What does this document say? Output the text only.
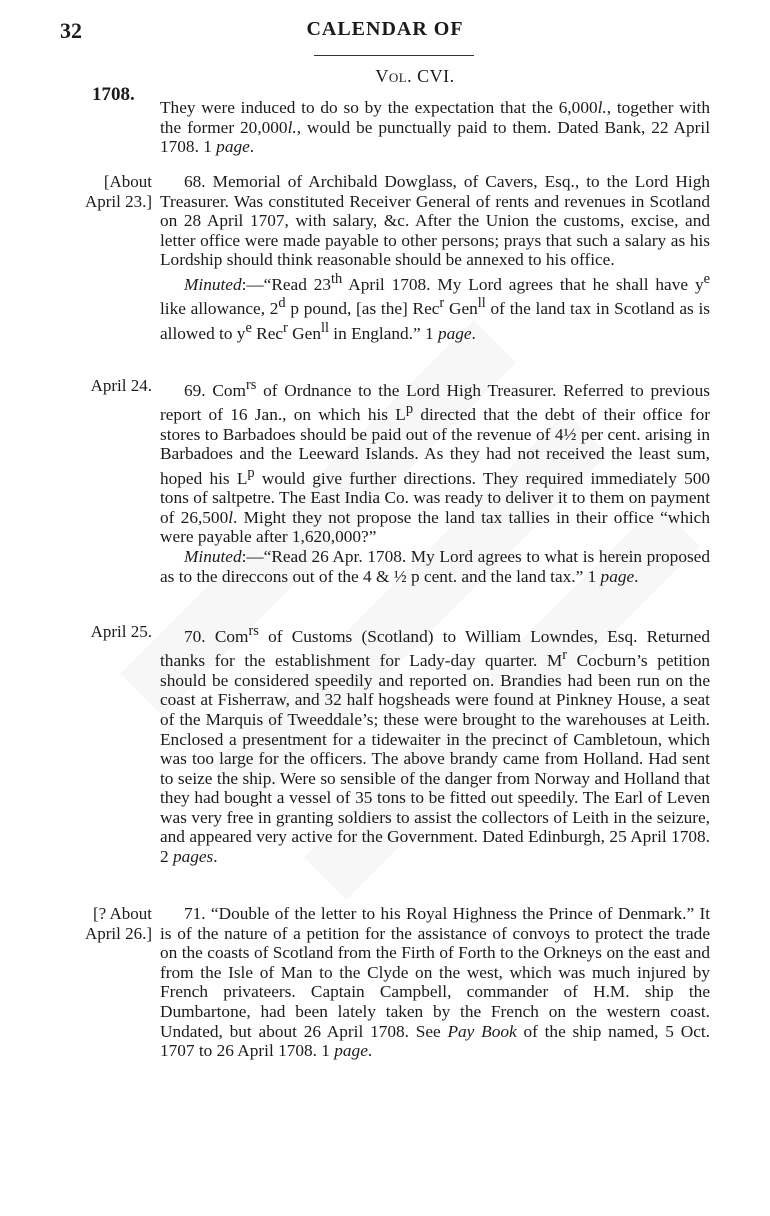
32	CALENDAR OF
Vol. CVI.
1708.

They were induced to do so by the expectation that the 6,000l., together with the former 20,000l., would be punctually paid to them. Dated Bank, 22 April 1708. 1 page.

[About
April 23.]

68. Memorial of Archibald Dowglass, of Cavers, Esq., to the Lord High Treasurer. Was constituted Receiver General of rents and revenues in Scotland on 28 April 1707, with salary, &c. After the Union the customs, excise, and letter office were made payable to other persons; prays that such a salary as his Lordship should think reasonable should be annexed to his office.

Minuted:—“Read 23th April 1708. My Lord agrees that he shall have $y^e$ like allowance, 2$^d$ p pound, [as the] Rec$^r$ Gen$^{ll}$ of the land tax in Scotland as is allowed to $y^e$ Rec$^r$ Gen$^{ll}$ in England.” 1 page.

April 24.	69. Com$^{rs}$ of Ordnance to the Lord High Treasurer. Referred to previous report of 16 Jan., on which his $L^p$ directed that the debt of their office for stores to Barbadoes should be paid out of the revenue of 4½ per cent. arising in Barbadoes and the Leeward Islands. As they had not received the least sum, hoped his $L^p$ would give further directions. They required immediately 500 tons of saltpetre. The East India Co. was ready to deliver it to them on payment of 26,500l. Might they not propose the land tax tallies in their office “which were payable after 1,620,000?”

Minuted:—“Read 26 Apr. 1708. My Lord agrees to what is herein proposed as to the direccons out of the 4 & ½ p cent. and the land tax.” 1 page.

April 25.	70. Com$^{rs}$ of Customs (Scotland) to William Lowndes, Esq. Returned thanks for the establishment for Lady-day quarter. $M^r$ Cocburn’s petition should be considered speedily and reported on. Brandies had been run on the coast at Fisherraw, and 32 half hogsheads were found at Pinkney House, a seat of the Marquis of Tweeddale’s; these were brought to the warehouses at Leith. Enclosed a presentment for a tidewaiter in the precinct of Cambletoun, which was too large for the officers. The above brandy came from Holland. Had sent to seize the ship. Were so sensible of the danger from Norway and Holland that they had bought a vessel of 35 tons to be fitted out speedily. The Earl of Leven was very free in granting soldiers to assist the collectors of Leith in the seizure, and appeared very active for the Government. Dated Edinburgh, 25 April 1708. 2 pages.

[? About
April 26.]

71. “Double of the letter to his Royal Highness the Prince of Denmark.” It is of the nature of a petition for the assistance of convoys to protect the trade on the coasts of Scotland from the Firth of Forth to the Orkneys on the east and from the Isle of Man to the Clyde on the west, which was much injured by French privateers. Captain Campbell, commander of H.M. ship the Dumbartone, had been lately taken by the French on the western coast. Undated, but about 26 April 1708. See Pay Book of the ship named, 5 Oct. 1707 to 26 April 1708. 1 page.
